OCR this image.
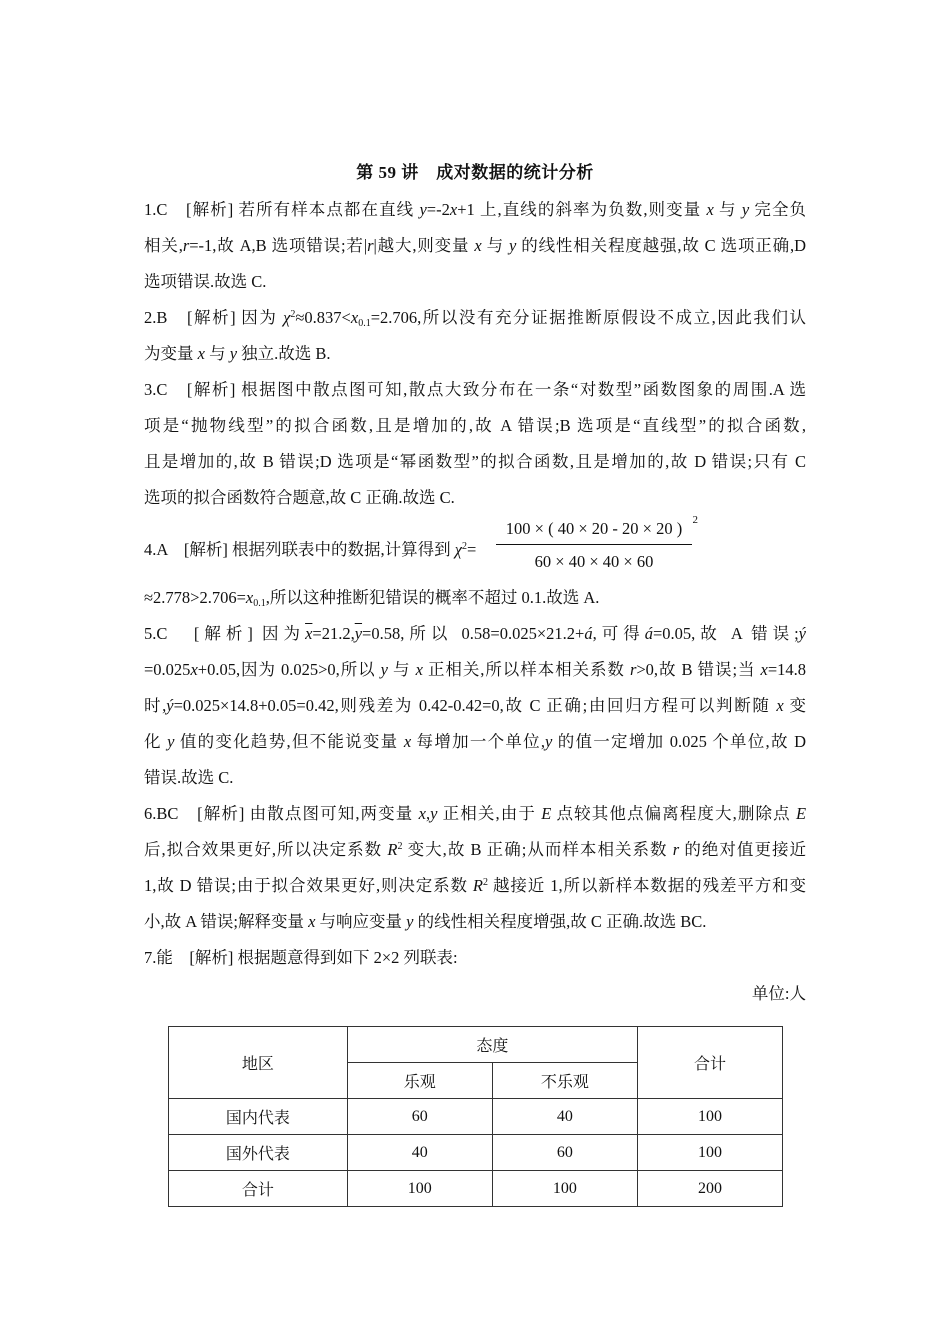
第 59 讲　成对数据的统计分析
1.C　[解析] 若所有样本点都在直线 y=-2x+1 上,直线的斜率为负数,则变量 x 与 y 完全负
相关,r=-1,故 A,B 选项错误;若|r|越大,则变量 x 与 y 的线性相关程度越强,故 C 选项正确,D
选项错误.故选 C.
2.B　[解析] 因为 $\chi^2\approx 0.837<x_{0.1}=2.706$,所以没有充分证据推断原假设不成立,因此我们认
为变量 x 与 y 独立.故选 B.
3.C　[解析] 根据图中散点图可知,散点大致分布在一条“对数型”函数图象的周围.A 选
项是“抛物线型”的拟合函数,且是增加的,故 A 错误;B 选项是“直线型”的拟合函数,
且是增加的,故 B 错误;D 选项是“幂函数型”的拟合函数,且是增加的,故 D 错误;只有 C
选项的拟合函数符合题意,故 C 正确.故选 C.
4.A　[解析] 根据列联表中的数据,计算得到 $\chi^2=$
100 × ( 40 × 20 - 20 × 20 ) 2
60 × 40 × 40 × 60
$\approx 2.778>2.706=x_{0.1}$,所以这种推断犯错误的概率不超过 0.1.故选 A.
5.C　[解析] 因为$\overline{x}=21.2,\overline{y}=0.58$,所以 0.58=0.025×21.2+á,可得á=0.05,故 A 错误;ý
=0.025x+0.05,因为 0.025>0,所以 y 与 x 正相关,所以样本相关系数 r>0,故 B 错误;当 x=14.8
时,ý=0.025×14.8+0.05=0.42,则残差为 0.42-0.42=0,故 C 正确;由回归方程可以判断随 x 变
化 y 值的变化趋势,但不能说变量 x 每增加一个单位,y 的值一定增加 0.025 个单位,故 D
错误.故选 C.
6.BC　[解析] 由散点图可知,两变量 x,y 正相关,由于 E 点较其他点偏离程度大,删除点 E
后,拟合效果更好,所以决定系数 $R^2$ 变大,故 B 正确;从而样本相关系数 r 的绝对值更接近
1,故 D 错误;由于拟合效果更好,则决定系数 $R^2$ 越接近 1,所以新样本数据的残差平方和变
小,故 A 错误;解释变量 x 与响应变量 y 的线性相关程度增强,故 C 正确.故选 BC.
7.能　[解析] 根据题意得到如下 2×2 列联表:
单位:人
地区	态度		合计
	乐观	不乐观	
国内代表	60	40	100
国外代表	40	60	100
合计	100	100	200
